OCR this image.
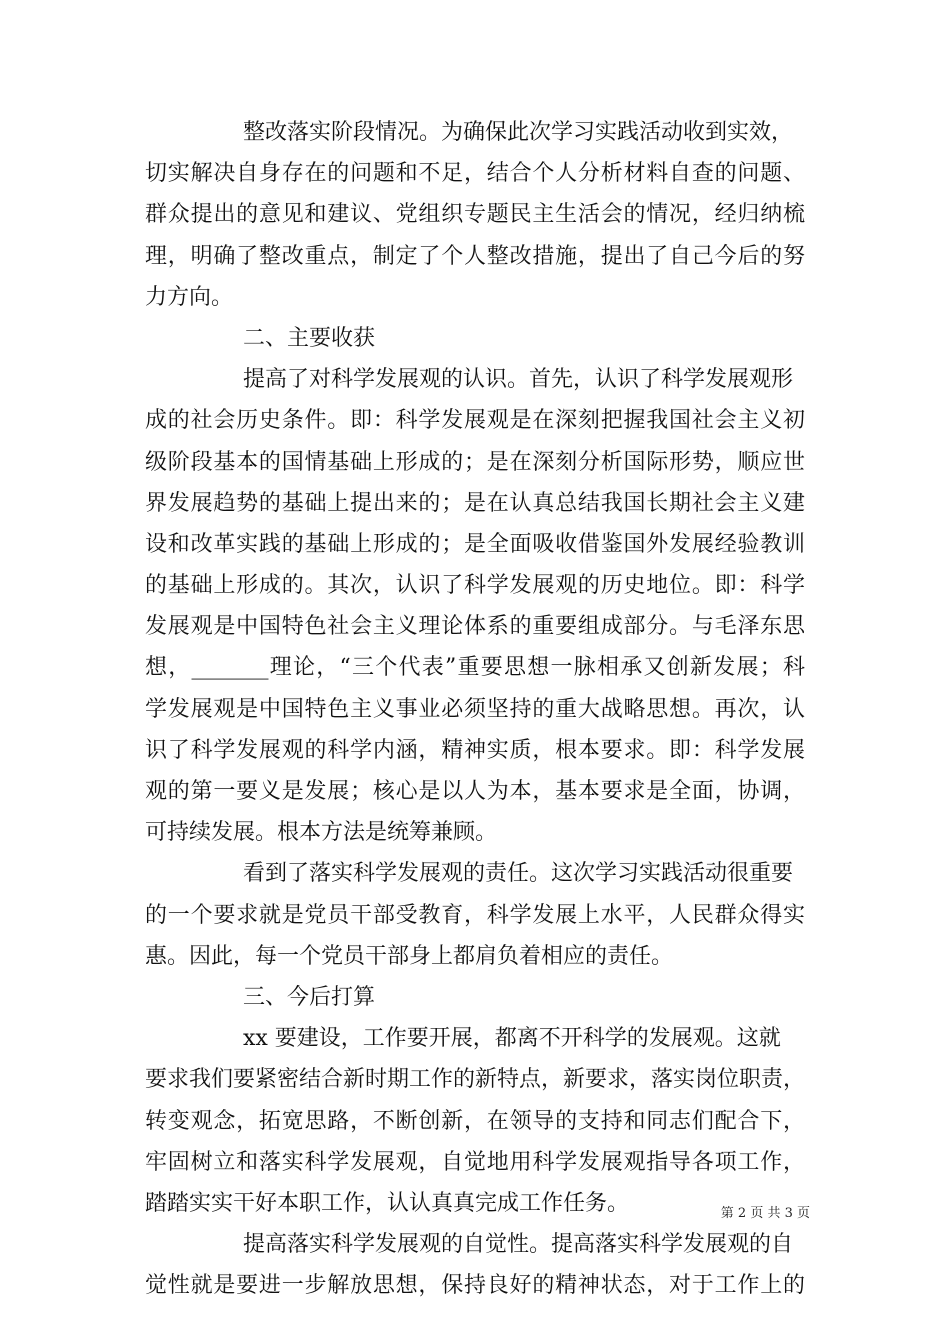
整改落实阶段情况。为确保此次学习实践活动收到实效，
切实解决自身存在的问题和不足，结合个人分析材料自查的问题、
群众提出的意见和建议、党组织专题民主生活会的情况，经归纳梳
理，明确了整改重点，制定了个人整改措施，提出了自己今后的努
力方向。
二、主要收获
提高了对科学发展观的认识。首先，认识了科学发展观形
成的社会历史条件。即：科学发展观是在深刻把握我国社会主义初
级阶段基本的国情基础上形成的；是在深刻分析国际形势，顺应世
界发展趋势的基础上提出来的；是在认真总结我国长期社会主义建
设和改革实践的基础上形成的；是全面吸收借鉴国外发展经验教训
的基础上形成的。其次，认识了科学发展观的历史地位。即：科学
发展观是中国特色社会主义理论体系的重要组成部分。与毛泽东思
想，_______理论，“三个代表”重要思想一脉相承又创新发展；科
学发展观是中国特色主义事业必须坚持的重大战略思想。再次，认
识了科学发展观的科学内涵，精神实质，根本要求。即：科学发展
观的第一要义是发展；核心是以人为本，基本要求是全面，协调，
可持续发展。根本方法是统筹兼顾。
看到了落实科学发展观的责任。这次学习实践活动很重要
的一个要求就是党员干部受教育，科学发展上水平，人民群众得实
惠。因此，每一个党员干部身上都肩负着相应的责任。
三、今后打算
xx 要建设，工作要开展，都离不开科学的发展观。这就
要求我们要紧密结合新时期工作的新特点，新要求，落实岗位职责，
转变观念，拓宽思路，不断创新，在领导的支持和同志们配合下，
牢固树立和落实科学发展观，自觉地用科学发展观指导各项工作，
踏踏实实干好本职工作，认认真真完成工作任务。
提高落实科学发展观的自觉性。提高落实科学发展观的自
觉性就是要进一步解放思想，保持良好的精神状态，对于工作上的
第 2 页 共 3 页
